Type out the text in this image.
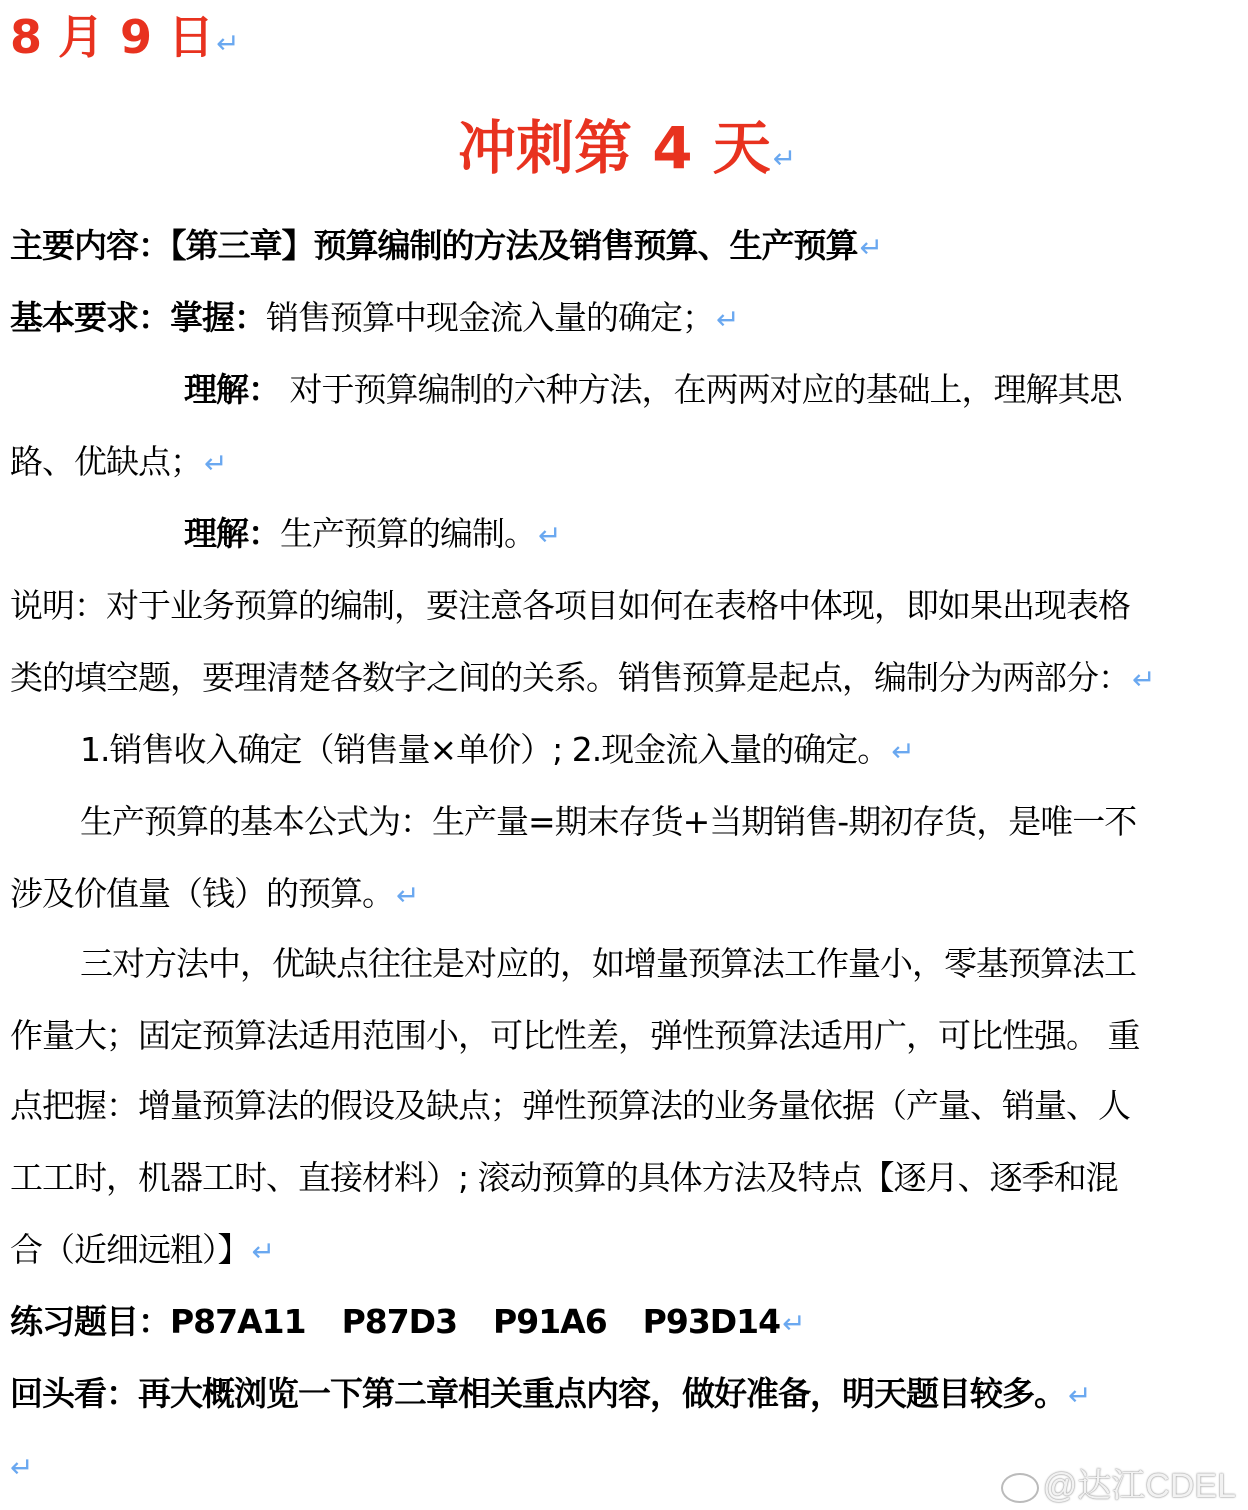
8 月 9 日↵
冲刺第 4 天↵
主要内容：【第三章】预算编制的方法及销售预算、生产预算↵
基本要求：掌握：销售预算中现金流入量的确定；↵
理解： 对于预算编制的六种方法，在两两对应的基础上，理解其思
路、优缺点；↵
理解：生产预算的编制。↵
说明：对于业务预算的编制，要注意各项目如何在表格中体现，即如果出现表格
类的填空题，要理清楚各数字之间的关系。销售预算是起点，编制分为两部分：↵
1.销售收入确定（销售量×单价）; 2.现金流入量的确定。↵
生产预算的基本公式为：生产量=期末存货+当期销售-期初存货，是唯一不
涉及价值量（钱）的预算。↵
三对方法中，优缺点往往是对应的，如增量预算法工作量小，零基预算法工
作量大；固定预算法适用范围小，可比性差，弹性预算法适用广，可比性强。 重
点把握：增量预算法的假设及缺点；弹性预算法的业务量依据（产量、销量、人
工工时，机器工时、直接材料）; 滚动预算的具体方法及特点【逐月、逐季和混
合（近细远粗）】↵
练习题目：P87A11 P87D3 P91A6 P93D14↵
回头看：再大概浏览一下第二章相关重点内容，做好准备，明天题目较多。↵
↵	@达江CDEL
